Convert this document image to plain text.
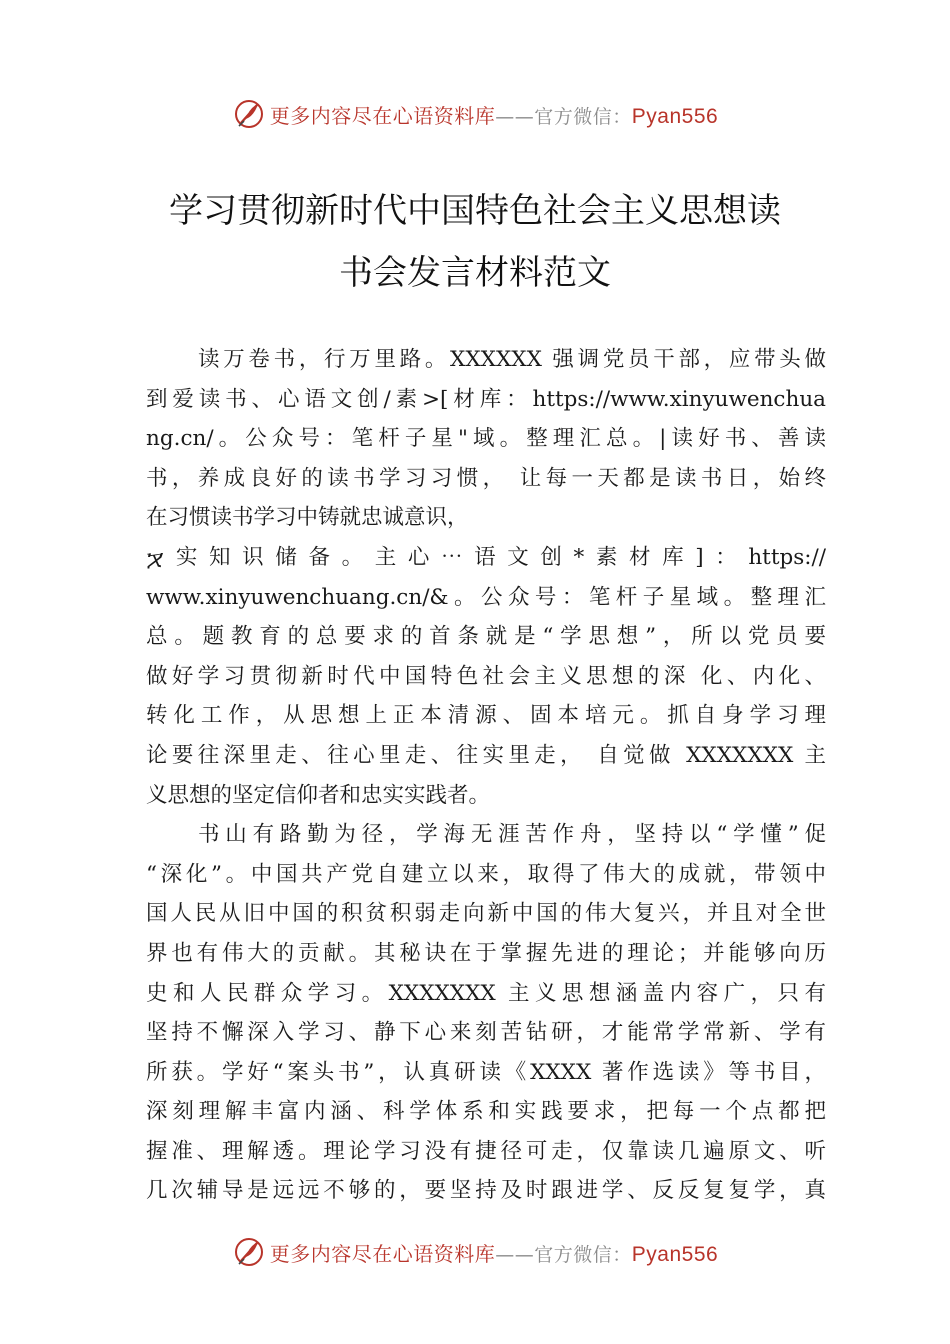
更多内容尽在心语资料库——官方微信：Pyan556
学习贯彻新时代中国特色社会主义思想读
书会发言材料范文
读万卷书，行万里路。XXXXXX 强调党员干部，应带头做
到爱读书、心语文创/素>[材库：https://www.xinyuwenchua
ng.cn/。公众号：笔杆子星"域。整理汇总。|读好书、善读
书，养成良好的读书学习习惯， 让每一天都是读书日，始终
在习惯读书学习中铸就忠诚意识，
ⴟ实知识储备。主心⋯语文创*素材库]：https://
www.xinyuwenchuang.cn/&。公众号：笔杆子星域。整理汇
总。题教育的总要求的首条就是“学思想”，所以党员要
做好学习贯彻新时代中国特色社会主义思想的深 化、内化、
转化工作，从思想上正本清源、固本培元。抓自身学习理
论要往深里走、往心里走、往实里走， 自觉做 XXXXXXX 主
义思想的坚定信仰者和忠实实践者。
书山有路勤为径，学海无涯苦作舟，坚持以“学懂”促
“深化”。中国共产党自建立以来，取得了伟大的成就，带领中
国人民从旧中国的积贫积弱走向新中国的伟大复兴，并且对全世
界也有伟大的贡献。其秘诀在于掌握先进的理论；并能够向历
史和人民群众学习。XXXXXXX 主义思想涵盖内容广，只有
坚持不懈深入学习、静下心来刻苦钻研，才能常学常新、学有
所获。学好“案头书”，认真研读《XXXX 著作选读》等书目，
深刻理解丰富内涵、科学体系和实践要求，把每一个点都把
握准、理解透。理论学习没有捷径可走，仅靠读几遍原文、听
几次辅导是远远不够的，要坚持及时跟进学、反反复复学，真
更多内容尽在心语资料库——官方微信：Pyan556
